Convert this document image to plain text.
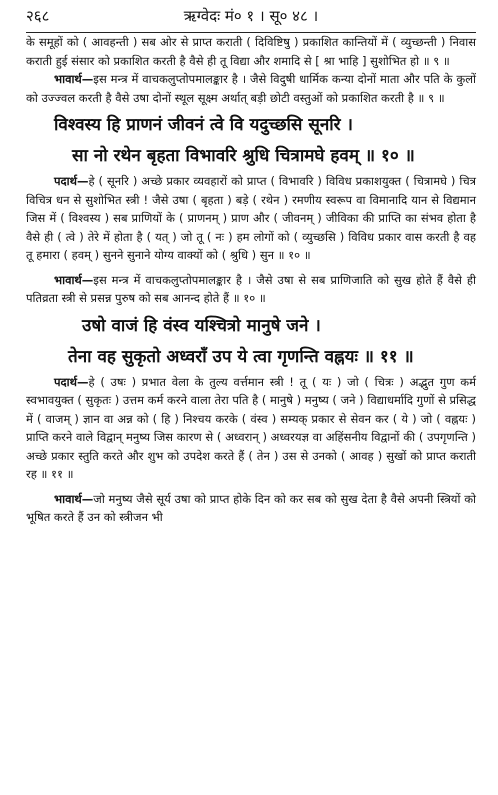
२६८	ऋग्वेदः मं० १ । सू० ४८ ।

के समूहों को ( आवहन्ती ) सब ओर से प्राप्त कराती ( दिविष्टिषु ) प्रकाशित कान्तियों में ( व्युच्छन्ती ) निवास कराती हुई संसार को प्रकाशित करती है वैसे ही तू विद्या और शमादि से [ श्रा भाहि ] सुशोभित हो ॥ ९ ॥

भावार्थ—इस मन्त्र में वाचकलुप्तोपमालङ्कार है । जैसे विदुषी धार्मिक कन्या दोनों माता और पति के कुलों को उज्ज्वल करती है वैसे उषा दोनों स्थूल सूक्ष्म अर्थात् बड़ी छोटी वस्तुओं को प्रकाशित करती है ॥ ९ ॥

विश्वस्य हि प्राणनं जीवनं त्वे वि यदुच्छसि सूनरि ।
सा नो रथेन बृहता विभावरि श्रुधि चित्रामघे हवम् ॥ १० ॥

पदार्थ—हे ( सूनरि ) अच्छे प्रकार व्यवहारों को प्राप्त ( विभावरि ) विविध प्रकाशयुक्त ( चित्रामघे ) चित्र विचित्र धन से सुशोभित स्त्री ! जैसे उषा ( बृहता ) बड़े ( रथेन ) रमणीय स्वरूप वा विमानादि यान से विद्यमान जिस में ( विश्वस्य ) सब प्राणियों के ( प्राणनम् ) प्राण और ( जीवनम् ) जीविका की प्राप्ति का संभव होता है वैसे ही ( त्वे ) तेरे में होता है ( यत् ) जो तू ( नः ) हम लोगों को ( व्युच्छसि ) विविध प्रकार वास करती है वह तू हमारा ( हवम् ) सुनने सुनाने योग्य वाक्यों को ( श्रुधि ) सुन ॥ १० ॥

भावार्थ—इस मन्त्र में वाचकलुप्तोपमालङ्कार है । जैसे उषा से सब प्राणिजाति को सुख होते हैं वैसे ही पतिव्रता स्त्री से प्रसन्न पुरुष को सब आनन्द होते हैं ॥ १० ॥

उषो वाजं हि वंस्व यश्चित्रो मानुषे जने ।
तेना वह सुकृतो अध्वराँ उप ये त्वा गृणन्ति वह्नयः ॥ ११ ॥

पदार्थ—हे ( उषः ) प्रभात वेला के तुल्य वर्त्तमान स्त्री ! तू ( यः ) जो ( चित्रः ) अद्भुत गुण कर्म स्वभावयुक्त ( सुकृतः ) उत्तम कर्म करने वाला तेरा पति है ( मानुषे ) मनुष्य ( जने ) विद्याधर्मादि गुणों से प्रसिद्ध में ( वाजम् ) ज्ञान वा अन्न को ( हि ) निश्चय करके ( वंस्व ) सम्यक् प्रकार से सेवन कर ( ये ) जो ( वह्नयः ) प्राप्ति करने वाले विद्वान् मनुष्य जिस कारण से ( अध्वरान् ) अध्वरयज्ञ वा अहिंसनीय विद्वानों की ( उपगृणन्ति ) अच्छे प्रकार स्तुति करते और शुभ को उपदेश करते हैं ( तेन ) उस से उनको ( आवह ) सुखों को प्राप्त कराती रह ॥ ११ ॥

भावार्थ—जो मनुष्य जैसे सूर्य उषा को प्राप्त होके दिन को कर सब को सुख देता है वैसे अपनी स्त्रियों को भूषित करते हैं उन को स्त्रीजन भी
